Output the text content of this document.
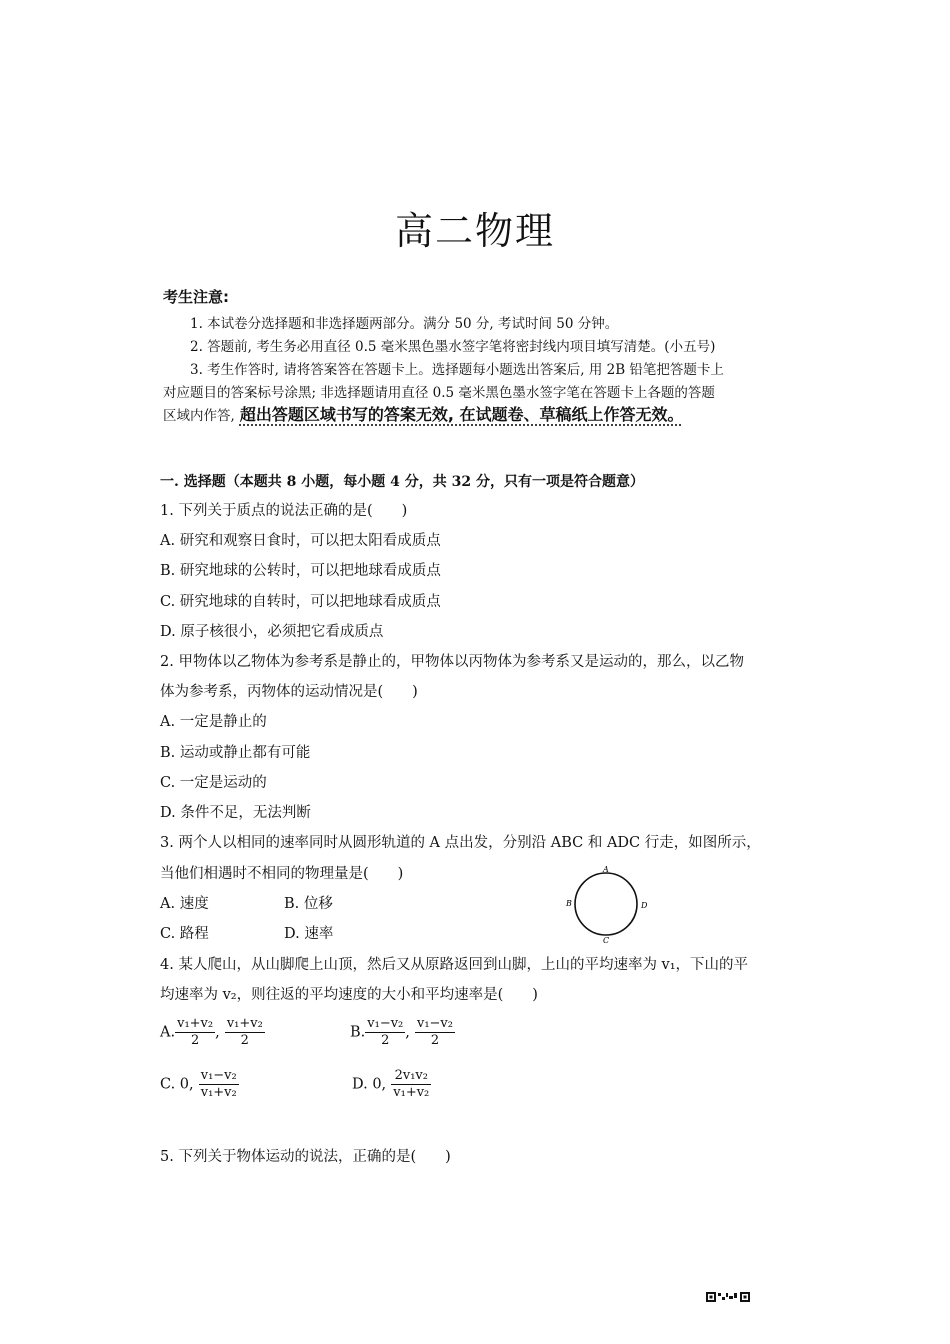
高二物理
考生注意:
1. 本试卷分选择题和非选择题两部分。满分 50 分, 考试时间 50 分钟。
2. 答题前, 考生务必用直径 0.5 毫米黑色墨水签字笔将密封线内项目填写清楚。(小五号)
3. 考生作答时, 请将答案答在答题卡上。选择题每小题选出答案后, 用 2B 铅笔把答题卡上
对应题目的答案标号涂黑; 非选择题请用直径 0.5 毫米黑色墨水签字笔在答题卡上各题的答题
区域内作答, 超出答题区域书写的答案无效, 在试题卷、草稿纸上作答无效。
一. 选择题（本题共 8 小题，每小题 4 分，共 32 分，只有一项是符合题意）
1. 下列关于质点的说法正确的是(　　)
A. 研究和观察日食时，可以把太阳看成质点
B. 研究地球的公转时，可以把地球看成质点
C. 研究地球的自转时，可以把地球看成质点
D. 原子核很小，必须把它看成质点
2. 甲物体以乙物体为参考系是静止的，甲物体以丙物体为参考系又是运动的，那么，以乙物
体为参考系，丙物体的运动情况是(　　)
A. 一定是静止的
B. 运动或静止都有可能
C. 一定是运动的
D. 条件不足，无法判断
3. 两个人以相同的速率同时从圆形轨道的 A 点出发，分别沿 ABC 和 ADC 行走，如图所示，
当他们相遇时不相同的物理量是(　　)
A. 速度	B. 位移
C. 路程	D. 速率
A
B	D
C
4. 某人爬山，从山脚爬上山顶，然后又从原路返回到山脚，上山的平均速率为 v₁，下山的平
均速率为 v₂，则往返的平均速度的大小和平均速率是(　　)
A. $\frac{\text{v₁+v₂}}{2}$ , $\frac{\text{v₁+v₂}}{2}$	B. $\frac{\text{v₁−v₂}}{2}$ , $\frac{\text{v₁−v₂}}{2}$
C. 0, $\frac{\text{v₁−v₂}}{\text{v₁+v₂}}$	D. 0, $\frac{\text{2v₁v₂}}{\text{v₁+v₂}}$
5. 下列关于物体运动的说法，正确的是(　　)
